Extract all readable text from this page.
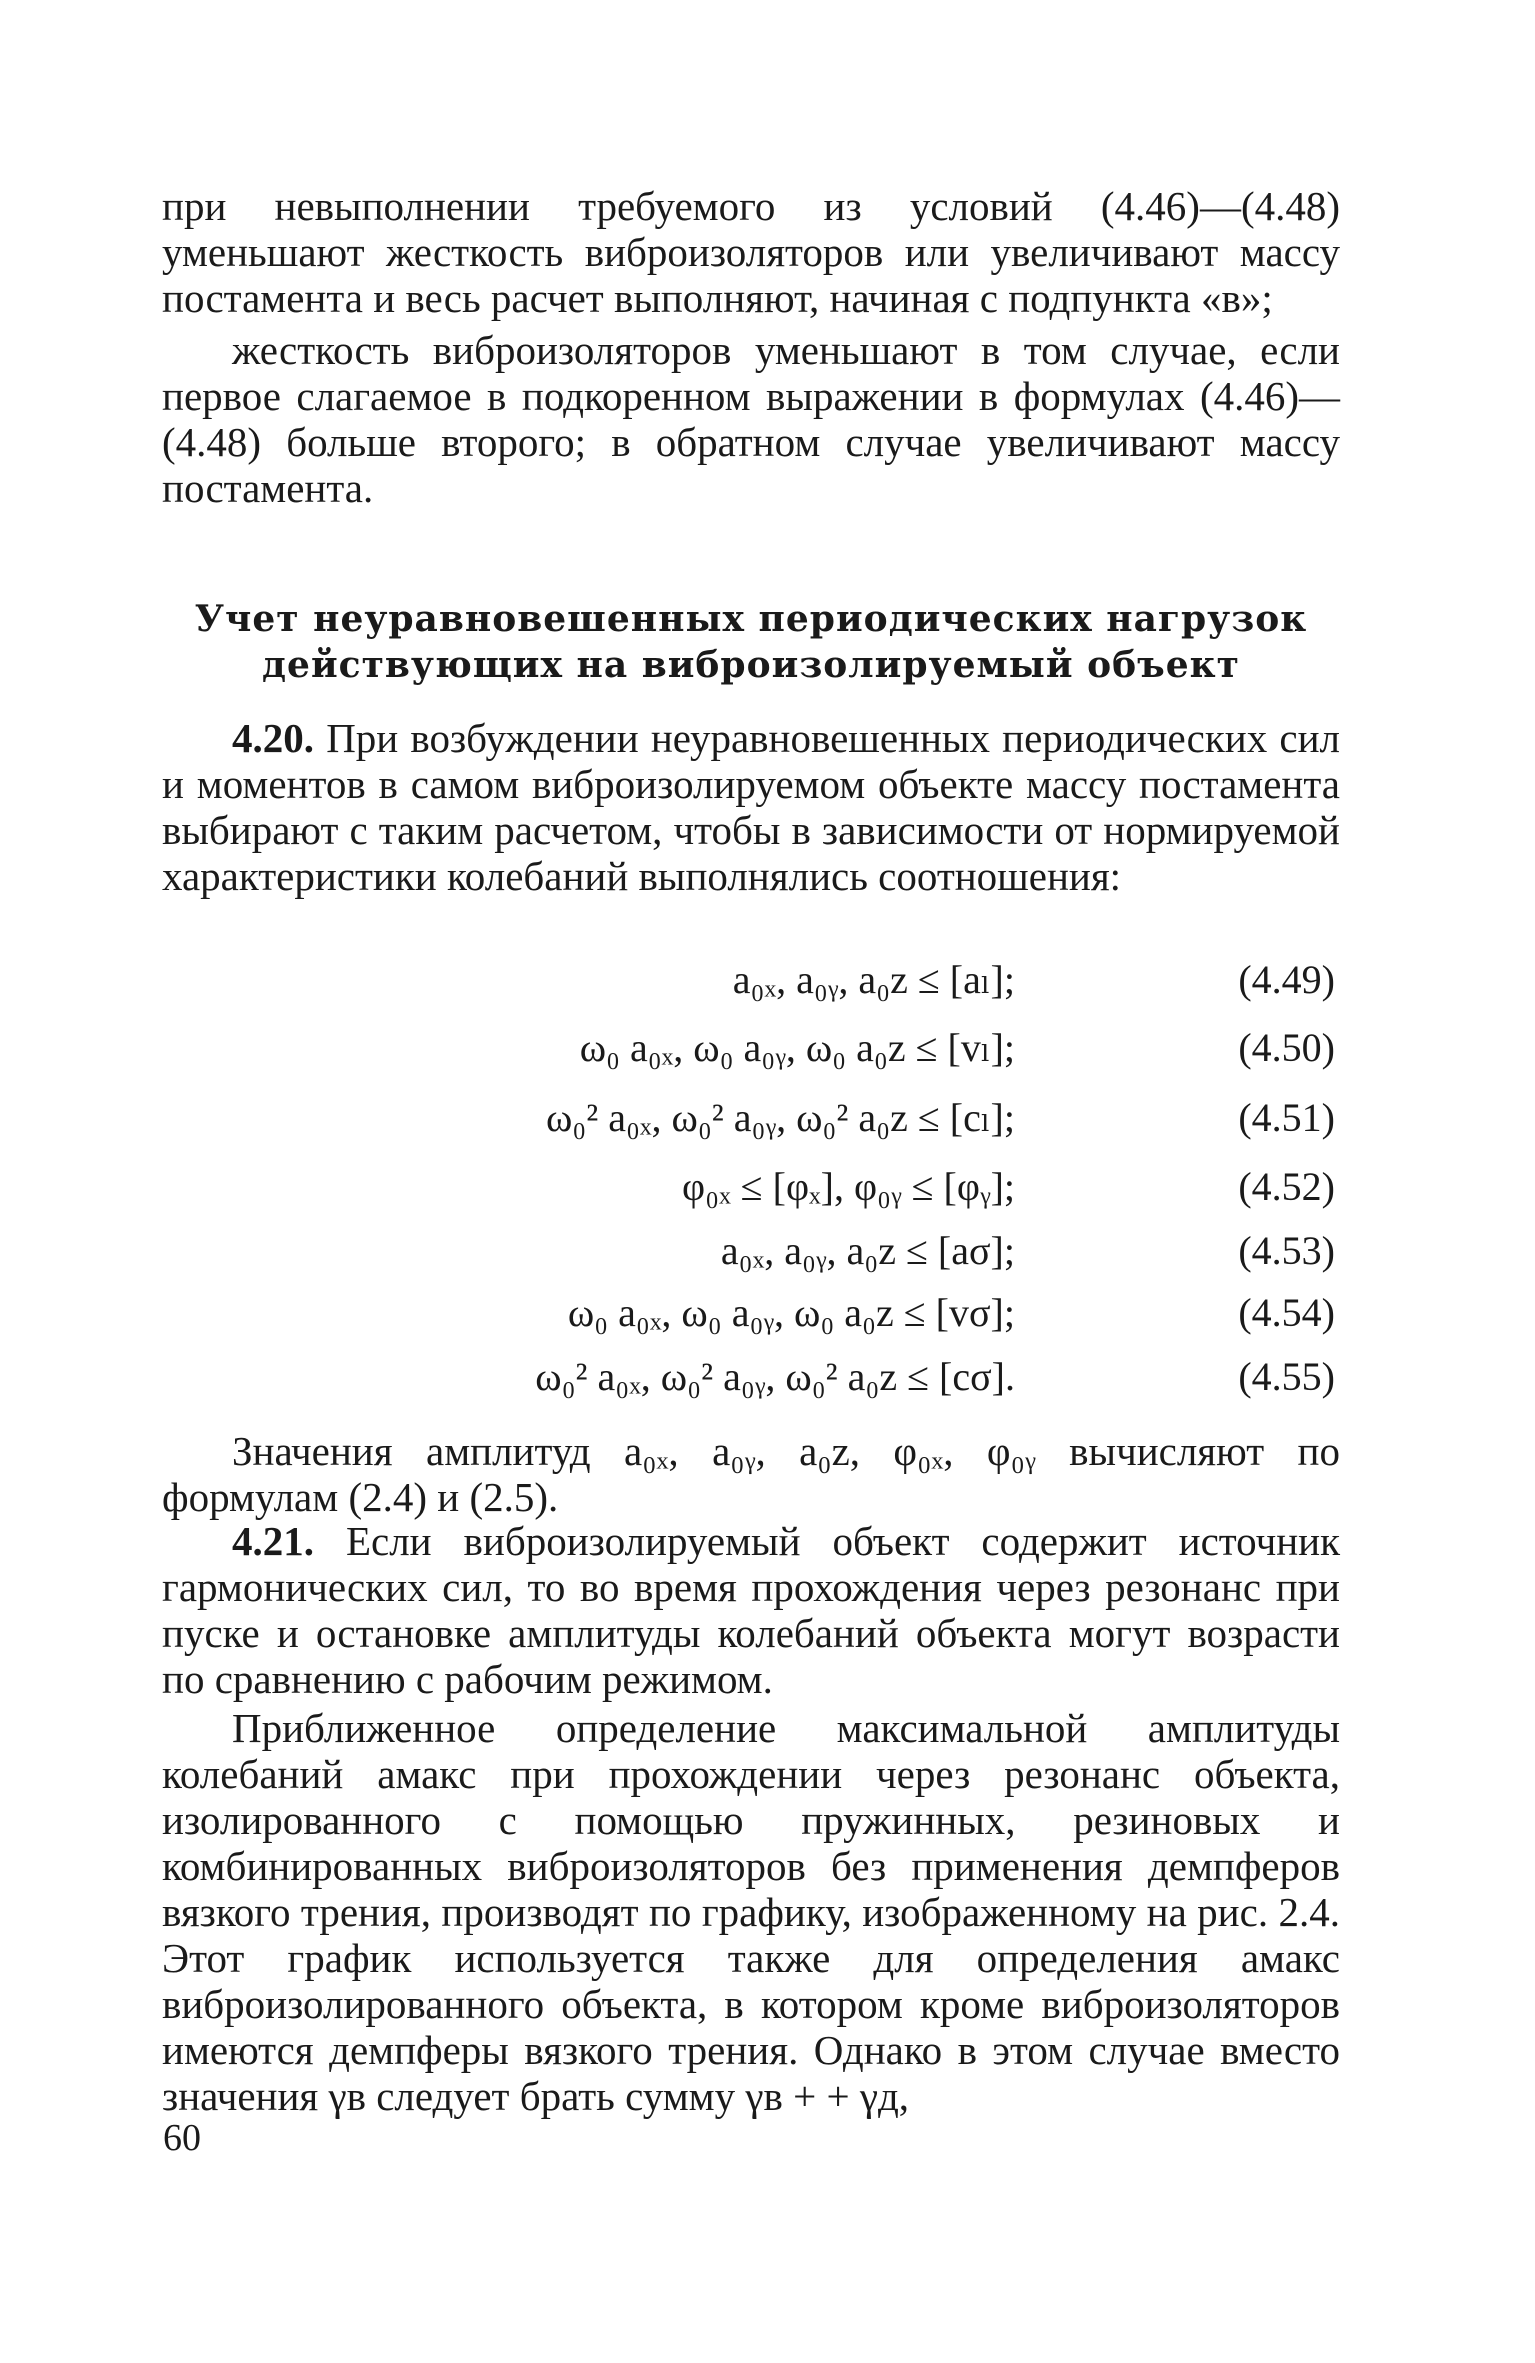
при невыполнении требуемого из условий (4.46)—(4.48) уменьшают жесткость виброизоляторов или увеличивают массу постамента и весь расчет выполняют, начиная с подпункта «в»;

жесткость виброизоляторов уменьшают в том случае, если первое слагаемое в подкоренном выражении в формулах (4.46)—(4.48) больше второго; в обратном случае увеличивают массу постамента.

Учет неуравновешенных периодических нагрузок
действующих на виброизолируемый объект

4.20. При возбуждении неуравновешенных периодических сил и моментов в самом виброизолируемом объекте массу постамента выбирают с таким расчетом, чтобы в зависимости от нормируемой характеристики колебаний выполнялись соотношения:

a₀ₓ, a₀ᵧ, a₀z ≤ [aₗ];	(4.49)
ω₀ a₀ₓ, ω₀ a₀ᵧ, ω₀ a₀z ≤ [vₗ];	(4.50)
ω₀² a₀ₓ, ω₀² a₀ᵧ, ω₀² a₀z ≤ [cₗ];	(4.51)
φ₀ₓ ≤ [φₓ], φ₀ᵧ ≤ [φᵧ];	(4.52)
a₀ₓ, a₀ᵧ, a₀z ≤ [aσ];	(4.53)
ω₀ a₀ₓ, ω₀ a₀ᵧ, ω₀ a₀z ≤ [vσ];	(4.54)
ω₀² a₀ₓ, ω₀² a₀ᵧ, ω₀² a₀z ≤ [cσ].	(4.55)

Значения амплитуд a₀ₓ, a₀ᵧ, a₀z, φ₀ₓ, φ₀ᵧ вычисляют по формулам (2.4) и (2.5).

4.21. Если виброизолируемый объект содержит источник гармонических сил, то во время прохождения через резонанс при пуске и остановке амплитуды колебаний объекта могут возрасти по сравнению с рабочим режимом.

Приближенное определение максимальной амплитуды колебаний aмакс при прохождении через резонанс объекта, изолированного с помощью пружинных, резиновых и комбинированных виброизоляторов без применения демпферов вязкого трения, производят по графику, изображенному на рис. 2.4. Этот график используется также для определения aмакс виброизолированного объекта, в котором кроме виброизоляторов имеются демпферы вязкого трения. Однако в этом случае вместо значения γв следует брать сумму γв + + γд,

60
